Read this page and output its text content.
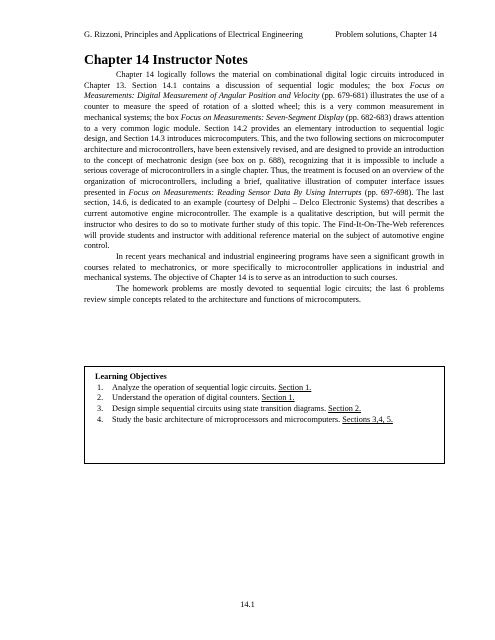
G. Rizzoni, Principles and Applications of Electrical Engineering	Problem solutions, Chapter 14
Chapter 14 Instructor Notes

Chapter 14 logically follows the material on combinational digital logic circuits introduced in Chapter 13. Section 14.1 contains a discussion of sequential logic modules; the box Focus on Measurements: Digital Measurement of Angular Position and Velocity (pp. 679-681) illustrates the use of a counter to measure the speed of rotation of a slotted wheel; this is a very common measurement in mechanical systems; the box Focus on Measurements: Seven-Segment Display (pp. 682-683) draws attention to a very common logic module. Section 14.2 provides an elementary introduction to sequential logic design, and Section 14.3 introduces microcomputers. This, and the two following sections on microcomputer architecture and microcontrollers, have been extensively revised, and are designed to provide an introduction to the concept of mechatronic design (see box on p. 688), recognizing that it is impossible to include a serious coverage of microcontrollers in a single chapter. Thus, the treatment is focused on an overview of the organization of microcontrollers, including a brief, qualitative illustration of computer interface issues presented in Focus on Measurements: Reading Sensor Data By Using Interrupts (pp. 697-698). The last section, 14.6, is dedicated to an example (courtesy of Delphi – Delco Electronic Systems) that describes a current automotive engine microcontroller. The example is a qualitative description, but will permit the instructor who desires to do so to motivate further study of this topic. The Find-It-On-The-Web references will provide students and instructor with additional reference material on the subject of automotive engine control.

In recent years mechanical and industrial engineering programs have seen a significant growth in courses related to mechatronics, or more specifically to microcontroller applications in industrial and mechanical systems. The objective of Chapter 14 is to serve as an introduction to such courses.

The homework problems are mostly devoted to sequential logic circuits; the last 6 problems review simple concepts related to the architecture and functions of microcomputers.

Learning Objectives
1. Analyze the operation of sequential logic circuits. Section 1.
2. Understand the operation of digital counters. Section 1.
3. Design simple sequential circuits using state transition diagrams. Section 2.
4. Study the basic architecture of microprocessors and microcomputers. Sections 3,4, 5.
14.1
